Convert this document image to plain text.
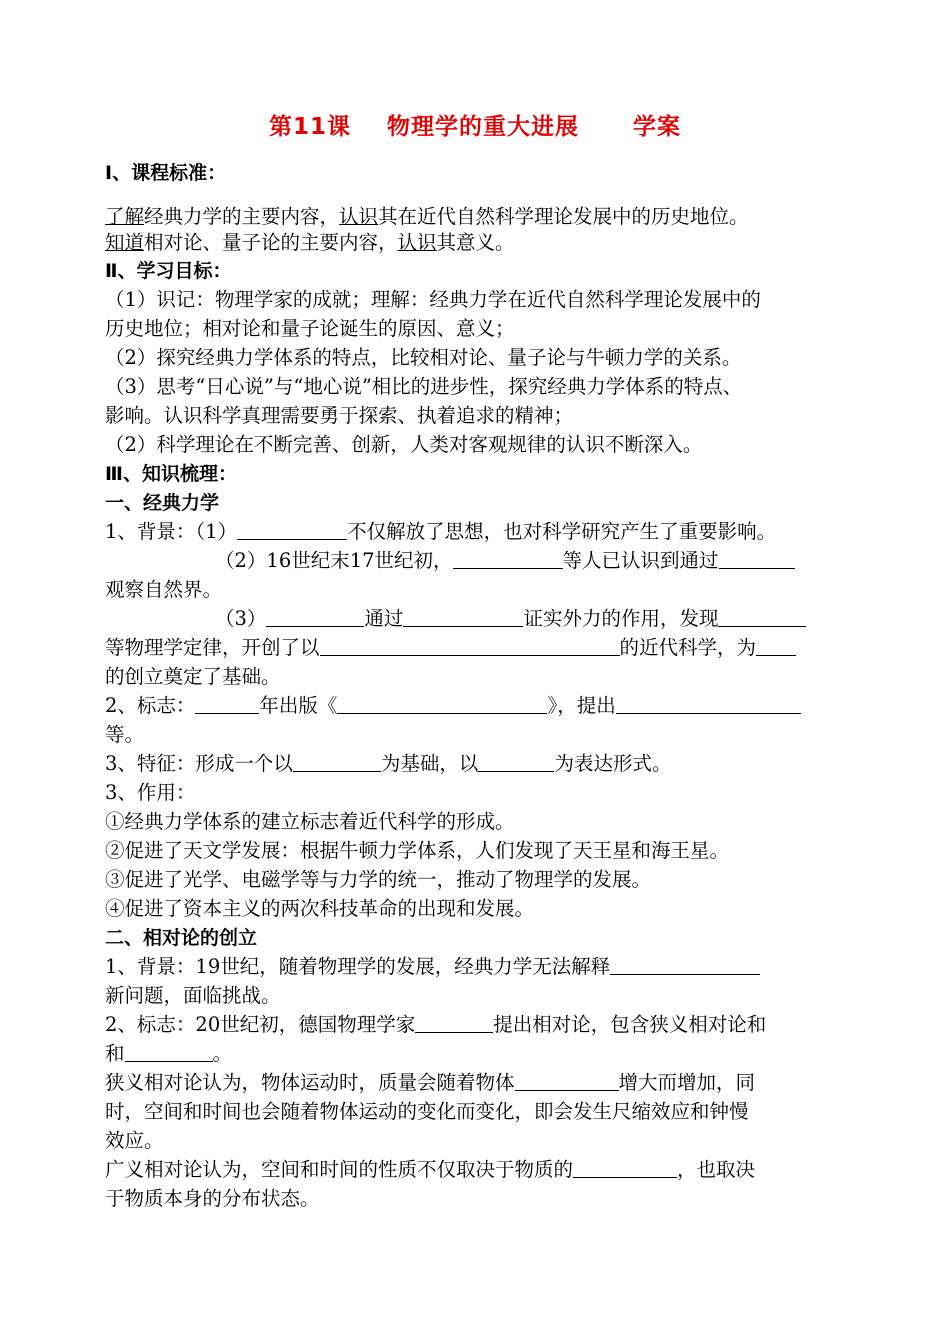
第11课    物理学的重大进展      学案
Ⅰ、课程标准：
了解经典力学的主要内容，认识其在近代自然科学理论发展中的历史地位。
知道相对论、量子论的主要内容，认识其意义。
Ⅱ、学习目标：
（1）识记：物理学家的成就；理解：经典力学在近代自然科学理论发展中的
历史地位；相对论和量子论诞生的原因、意义；
（2）探究经典力学体系的特点，比较相对论、量子论与牛顿力学的关系。
（3）思考“日心说”与“地心说”相比的进步性，探究经典力学体系的特点、
影响。认识科学真理需要勇于探索、执着追求的精神；
（2）科学理论在不断完善、创新，人类对客观规律的认识不断深入。
Ⅲ、知识梳理：
一、经典力学
1、背景：（1）	不仅解放了思想，也对科学研究产生了重要影响。
（2）16世纪末17世纪初，	等人已认识到通过
观察自然界。
（3）	通过	证实外力的作用，发现
等物理学定律，开创了以	的近代科学，为
的创立奠定了基础。
2、标志：	年出版《	》，提出
等。
3、特征：形成一个以	为基础，以	为表达形式。
3、作用：
①经典力学体系的建立标志着近代科学的形成。
②促进了天文学发展：根据牛顿力学体系，人们发现了天王星和海王星。
③促进了光学、电磁学等与力学的统一，推动了物理学的发展。
④促进了资本主义的两次科技革命的出现和发展。
二、相对论的创立
1、背景：19世纪，随着物理学的发展，经典力学无法解释
新问题，面临挑战。
2、标志：20世纪初，德国物理学家	提出相对论，包含狭义相对论和
和	。
狭义相对论认为，物体运动时，质量会随着物体	增大而增加，同
时，空间和时间也会随着物体运动的变化而变化，即会发生尺缩效应和钟慢
效应。
广义相对论认为，空间和时间的性质不仅取决于物质的	，也取决
于物质本身的分布状态。
